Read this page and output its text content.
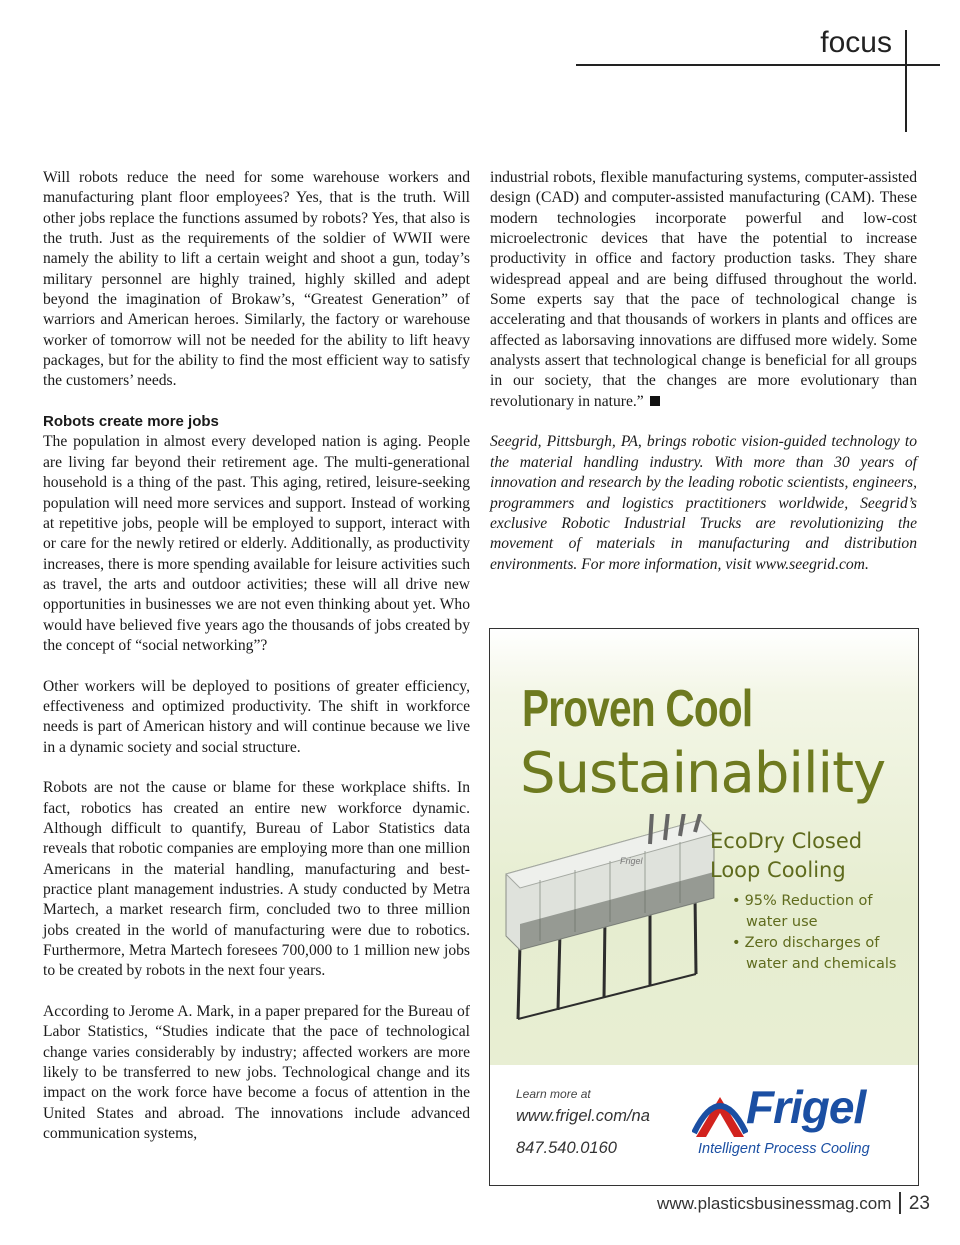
focus

Will robots reduce the need for some warehouse workers and manufacturing plant floor employees? Yes, that is the truth. Will other jobs replace the functions assumed by robots? Yes, that also is the truth. Just as the requirements of the soldier of WWII were namely the ability to lift a certain weight and shoot a gun, today’s military personnel are highly trained, highly skilled and adept beyond the imagination of Brokaw’s, “Greatest Generation” of warriors and American heroes. Similarly, the factory or warehouse worker of tomorrow will not be needed for the ability to lift heavy packages, but for the ability to find the most efficient way to satisfy the customers’ needs.

Robots create more jobs

The population in almost every developed nation is aging. People are living far beyond their retirement age. The multi-generational household is a thing of the past. This aging, retired, leisure-seeking population will need more services and support. Instead of working at repetitive jobs, people will be employed to support, interact with or care for the newly retired or elderly. Additionally, as productivity increases, there is more spending available for leisure activities such as travel, the arts and outdoor activities; these will all drive new opportunities in businesses we are not even thinking about yet. Who would have believed five years ago the thousands of jobs created by the concept of “social networking”?

Other workers will be deployed to positions of greater efficiency, effectiveness and optimized productivity. The shift in workforce needs is part of American history and will continue because we live in a dynamic society and social structure.

Robots are not the cause or blame for these workplace shifts. In fact, robotics has created an entire new workforce dynamic. Although difficult to quantify, Bureau of Labor Statistics data reveals that robotic companies are employing more than one million Americans in the material handling, manufacturing and best-practice plant management industries. A study conducted by Metra Martech, a market research firm, concluded two to three million jobs created in the world of manufacturing were due to robotics. Furthermore, Metra Martech foresees 700,000 to 1 million new jobs to be created by robots in the next four years.

According to Jerome A. Mark, in a paper prepared for the Bureau of Labor Statistics, “Studies indicate that the pace of technological change varies considerably by industry; affected workers are more likely to be transferred to new jobs. Technological change and its impact on the work force have become a focus of attention in the United States and abroad. The innovations include advanced communication systems,

industrial robots, flexible manufacturing systems, computer-assisted design (CAD) and computer-assisted manufacturing (CAM). These modern technologies incorporate powerful and low-cost microelectronic devices that have the potential to increase productivity in office and factory production tasks. They share widespread appeal and are being diffused throughout the world. Some experts say that the pace of technological change is accelerating and that thousands of workers in plants and offices are affected as laborsaving innovations are diffused more widely. Some analysts assert that technological change is beneficial for all groups in our society, that the changes are more evolutionary than revolutionary in nature.”

Seegrid, Pittsburgh, PA, brings robotic vision-guided technology to the material handling industry. With more than 30 years of innovation and research by the leading robotic scientists, engineers, programmers and logistics practitioners worldwide, Seegrid’s exclusive Robotic Industrial Trucks are revolutionizing the movement of materials in manufacturing and distribution environments. For more information, visit www.seegrid.com.

Proven Cool
Sustainability
Frigel
EcoDry Closed
Loop Cooling
• 95% Reduction of
water use
• Zero discharges of
water and chemicals
Learn more at
www.frigel.com/na
847.540.0160
Frigel
Intelligent Process Cooling
www.plasticsbusinessmag.com 23
